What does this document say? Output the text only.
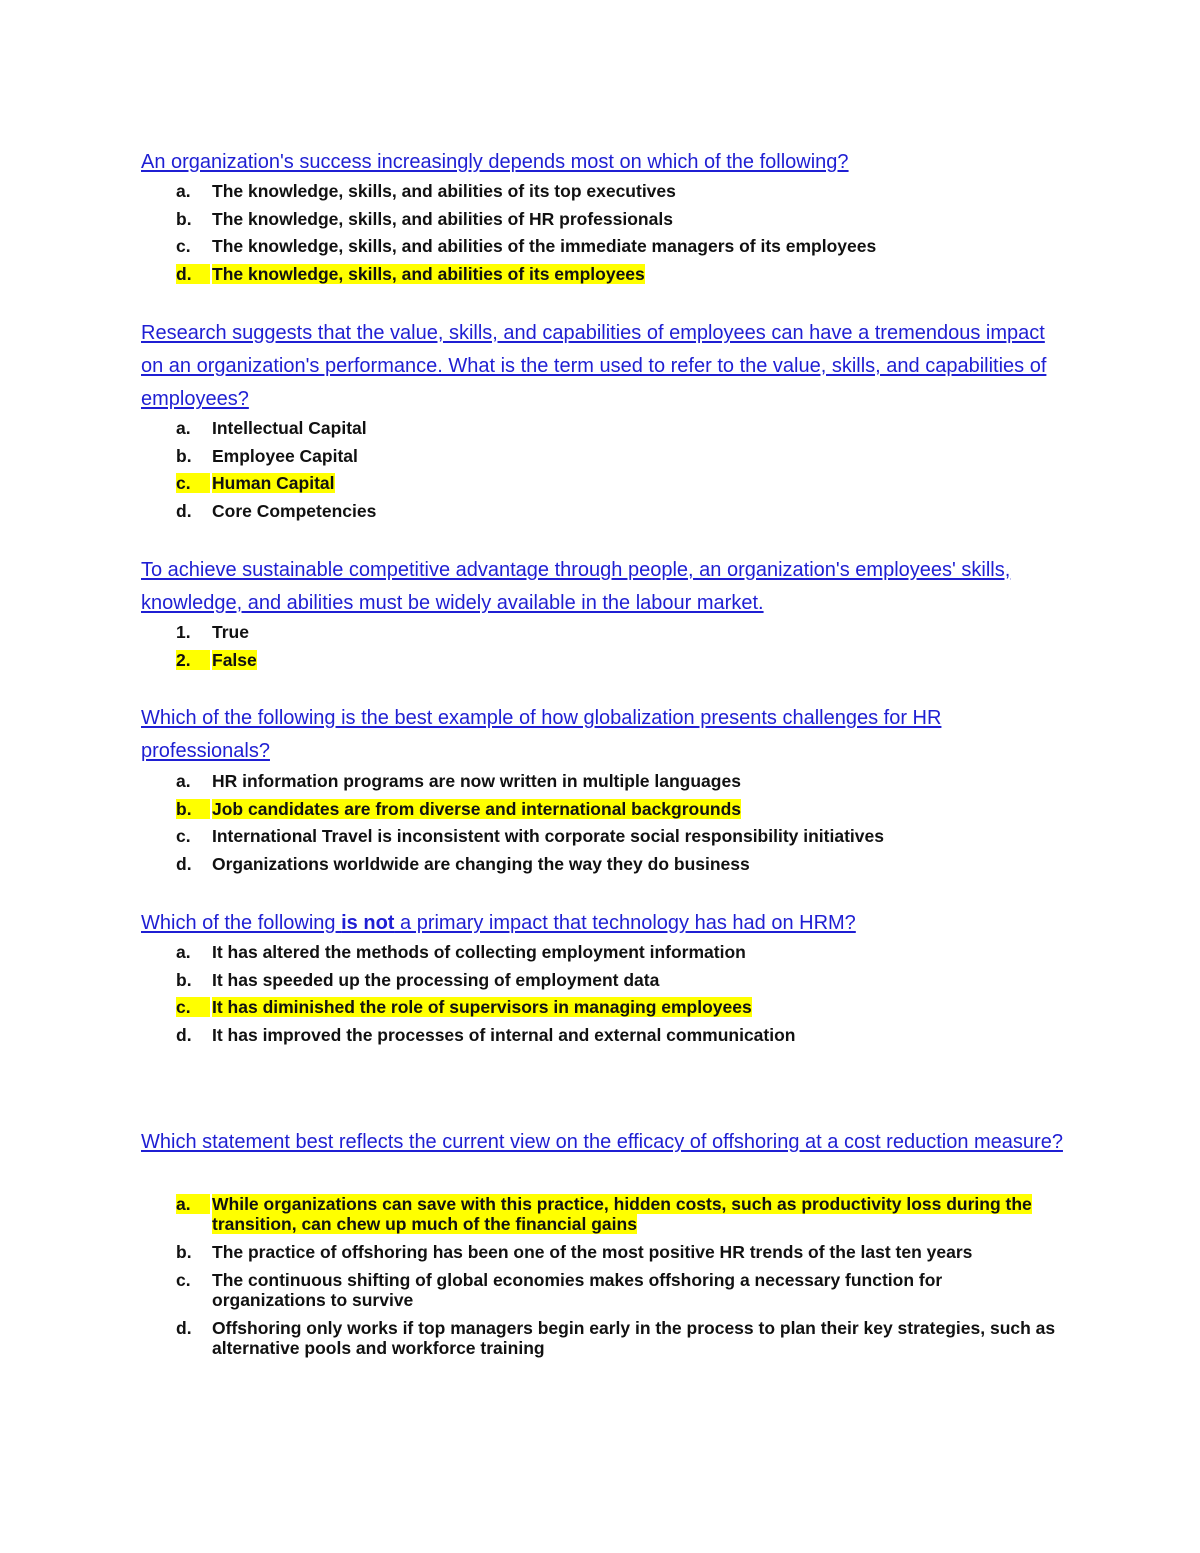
An organization's success increasingly depends most on which of the following?

a.	The knowledge, skills, and abilities of its top executives
b.	The knowledge, skills, and abilities of HR professionals
c.	The knowledge, skills, and abilities of the immediate managers of its employees
d.	The knowledge, skills, and abilities of its employees

Research suggests that the value, skills, and capabilities of employees can have a tremendous impact on an organization's performance. What is the term used to refer to the value, skills, and capabilities of employees?

a.	Intellectual Capital
b.	Employee Capital
c.	Human Capital
d.	Core Competencies

To achieve sustainable competitive advantage through people, an organization's employees' skills, knowledge, and abilities must be widely available in the labour market.

1.	True
2.	False

Which of the following is the best example of how globalization presents challenges for HR professionals?

a.	HR information programs are now written in multiple languages
b.	Job candidates are from diverse and international backgrounds
c.	International Travel is inconsistent with corporate social responsibility initiatives
d.	Organizations worldwide are changing the way they do business

Which of the following is not a primary impact that technology has had on HRM?

a.	It has altered the methods of collecting employment information
b.	It has speeded up the processing of employment data
c.	It has diminished the role of supervisors in managing employees
d.	It has improved the processes of internal and external communication

Which statement best reflects the current view on the efficacy of offshoring at a cost reduction measure?

a.	While organizations can save with this practice, hidden costs, such as productivity loss during the transition, can chew up much of the financial gains
b.	The practice of offshoring has been one of the most positive HR trends of the last ten years
c.	The continuous shifting of global economies makes offshoring a necessary function for organizations to survive
d.	Offshoring only works if top managers begin early in the process to plan their key strategies, such as alternative pools and workforce training
